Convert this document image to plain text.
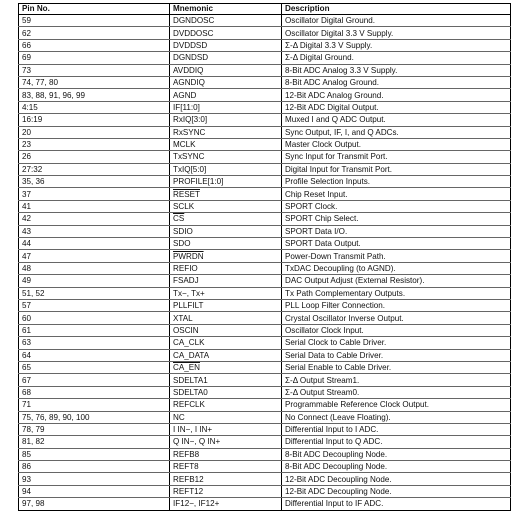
Pin No.	Mnemonic	Description
59	DGNDOSC	Oscillator Digital Ground.
62	DVDDOSC	Oscillator Digital 3.3 V Supply.
66	DVDDSD	Σ-Δ Digital 3.3 V Supply.
69	DGNDSD	Σ-Δ Digital Ground.
73	AVDDIQ	8-Bit ADC Analog 3.3 V Supply.
74, 77, 80	AGNDIQ	8-Bit ADC Analog Ground.
83, 88, 91, 96, 99	AGND	12-Bit ADC Analog Ground.
4:15	IF[11:0]	12-Bit ADC Digital Output.
16:19	RxIQ[3:0]	Muxed I and Q ADC Output.
20	RxSYNC	Sync Output, IF, I, and Q ADCs.
23	MCLK	Master Clock Output.
26	TxSYNC	Sync Input for Transmit Port.
27:32	TxIQ[5:0]	Digital Input for Transmit Port.
35, 36	PROFILE[1:0]	Profile Selection Inputs.
37	RESET	Chip Reset Input.
41	SCLK	SPORT Clock.
42	$\overline{CS}$	SPORT Chip Select.
43	SDIO	SPORT Data I/O.
44	SDO	SPORT Data Output.
47	PWRDN	Power-Down Transmit Path.
48	REFIO	TxDAC Decoupling (to AGND).
49	FSADJ	DAC Output Adjust (External Resistor).
51, 52	Tx−, Tx+	Tx Path Complementary Outputs.
57	PLLFILT	PLL Loop Filter Connection.
60	XTAL	Crystal Oscillator Inverse Output.
61	OSCIN	Oscillator Clock Input.
63	CA_CLK	Serial Clock to Cable Driver.
64	CA_DATA	Serial Data to Cable Driver.
65	CA_EN	Serial Enable to Cable Driver.
67	SDELTA1	Σ-Δ Output Stream1.
68	SDELTA0	Σ-Δ Output Stream0.
71	REFCLK	Programmable Reference Clock Output.
75, 76, 89, 90, 100	NC	No Connect (Leave Floating).
78, 79	I IN−, I IN+	Differential Input to I ADC.
81, 82	Q IN−, Q IN+	Differential Input to Q ADC.
85	REFB8	8-Bit ADC Decoupling Node.
86	REFT8	8-Bit ADC Decoupling Node.
93	REFB12	12-Bit ADC Decoupling Node.
94	REFT12	12-Bit ADC Decoupling Node.
97, 98	IF12−, IF12+	Differential Input to IF ADC.
